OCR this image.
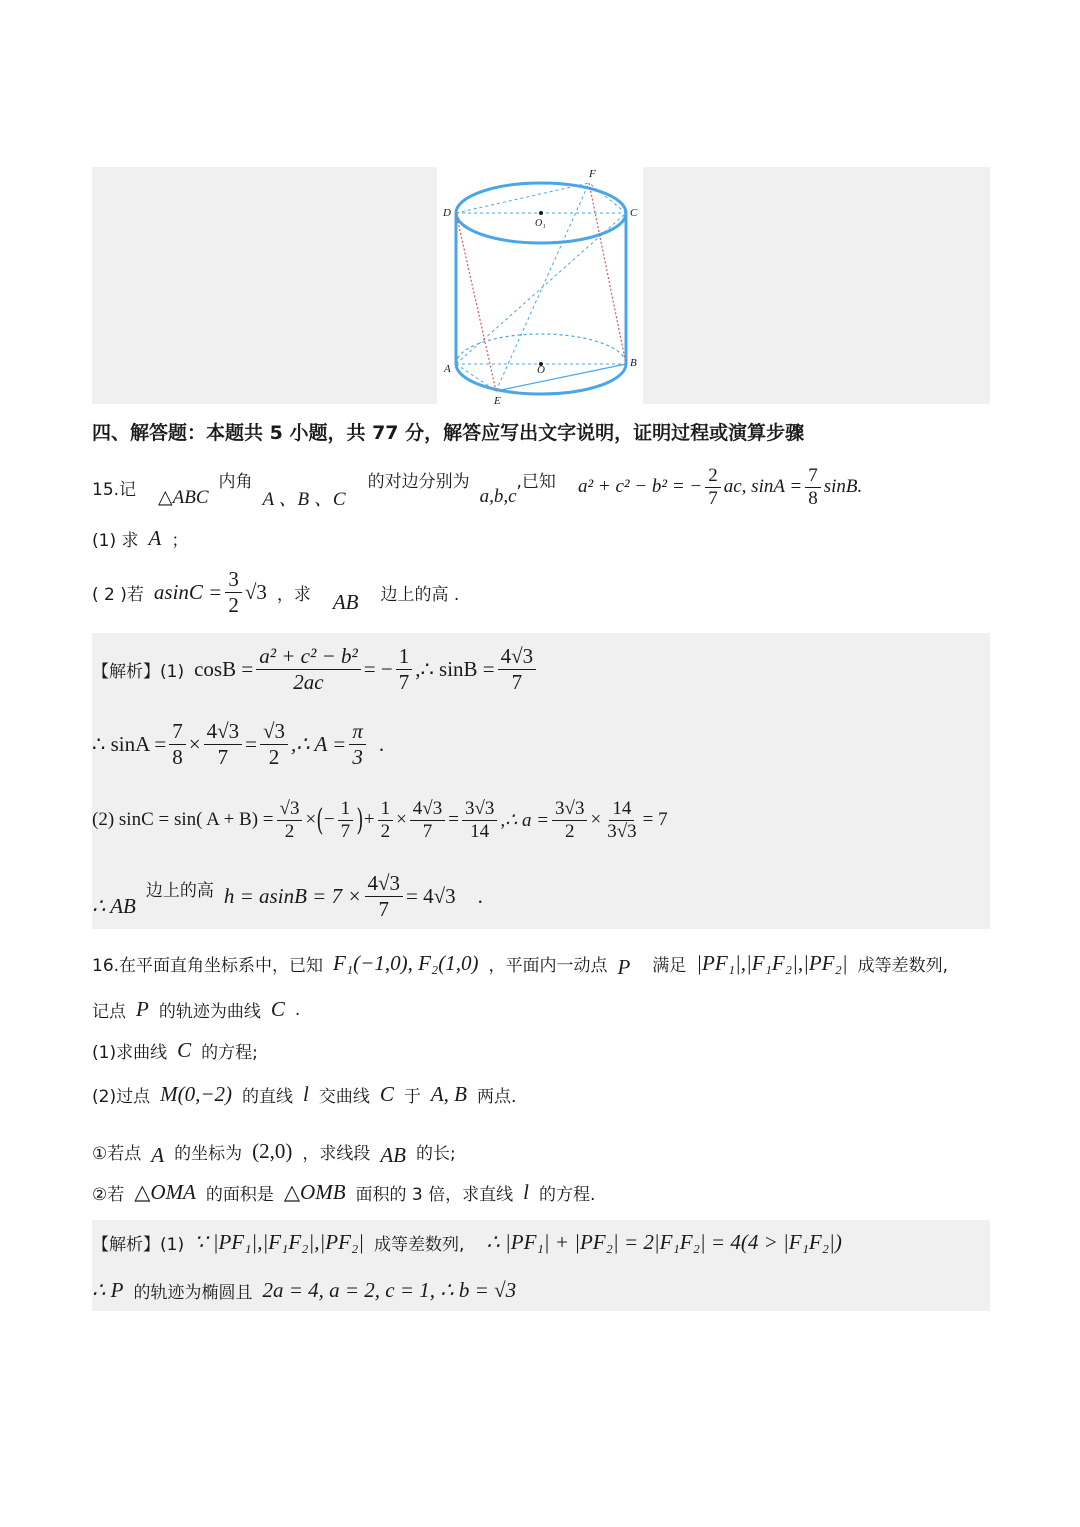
F
D	C
O₁
A	O
B
E
四、解答题：本题共 5 小题，共 77 分，解答应写出文字说明，证明过程或演算步骤
15.记 △ABC
内角
A 、B 、C
的对边分别为
a,b,c
,已知 a² + c² − b² = − $\frac{2}{7}$ ac, $\sin A = \frac{7}{8} \sin B$.
(1) 求 A ；
( 2 )若 $asinC = \frac{3}{2} √3$ ，求 AB 边上的高 .
【解析】(1) $\cos B = \frac{\text{a² + c² − b²}}{2ac}$ = − $\frac{1}{7}$ ,∴ $\sin B = \frac{4√3}{7}$
∴ $\sin A = \frac{7}{8} \times \frac{4√3}{7} = \frac{√3}{2}$ ,∴ $A = \frac{\pi}{3}$ .
(2) sinC = sin( $A + B) = \frac{√3}{2}$ × ( − $\frac{1}{7}$ ) + $\frac{1}{2} \times \frac{4√3}{7} = \frac{3√3}{14}$ ,∴ $a = \frac{3√3}{2} \times \frac{14}{3√3} = 7$
∴ AB
边上的高 $h = asinB = 7 \times \frac{4√3}{7} = 4√3$ .
16.在平面直角坐标系中，已知 F₁(−1,0), F₂(1,0) ，平面内一动点 P 满足 |PF₁|,|F₁F₂|,|PF₂| 成等差数列,
记点 P 的轨迹为曲线 C .
(1)求曲线 C 的方程;
(2)过点 M(0,−2) 的直线 l 交曲线 C 于 A, B 两点.
①若点 A 的坐标为 (2,0) ，求线段 AB 的长;
②若 △OMA 的面积是 △OMB 面积的 3 倍，求直线 l 的方程.
【解析】(1) ∵ |PF₁|,|F₁F₂|,|PF₂| 成等差数列, ∴ |PF₁| + |PF₂| = 2|F₁F₂| = 4(4 > |F₁F₂|)
∴ P 的轨迹为椭圆且 2a = 4, a = 2, c = 1, ∴ b = √3
